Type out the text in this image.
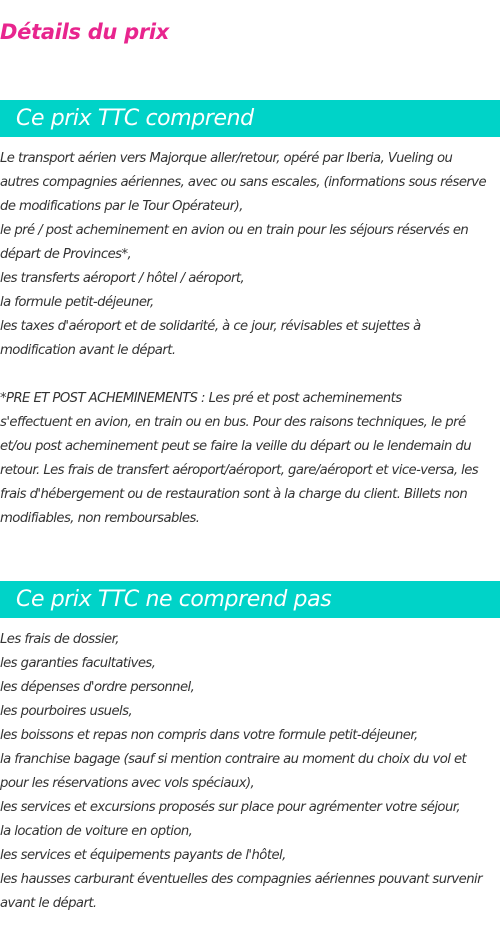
Détails du prix
Ce prix TTC comprend

Le transport aérien vers Majorque aller/retour, opéré par Iberia, Vueling ou
autres compagnies aériennes, avec ou sans escales, (informations sous réserve
de modifications par le Tour Opérateur),
le pré / post acheminement en avion ou en train pour les séjours réservés en
départ de Provinces*,
les transferts aéroport / hôtel / aéroport,
la formule petit-déjeuner,
les taxes d'aéroport et de solidarité, à ce jour, révisables et sujettes à
modification avant le départ.

*PRE ET POST ACHEMINEMENTS : Les pré et post acheminements
s'effectuent en avion, en train ou en bus. Pour des raisons techniques, le pré
et/ou post acheminement peut se faire la veille du départ ou le lendemain du
retour. Les frais de transfert aéroport/aéroport, gare/aéroport et vice-versa, les
frais d'hébergement ou de restauration sont à la charge du client. Billets non
modifiables, non remboursables.

Ce prix TTC ne comprend pas

Les frais de dossier,
les garanties facultatives,
les dépenses d'ordre personnel,
les pourboires usuels,
les boissons et repas non compris dans votre formule petit-déjeuner,
la franchise bagage (sauf si mention contraire au moment du choix du vol et
pour les réservations avec vols spéciaux),
les services et excursions proposés sur place pour agrémenter votre séjour,
la location de voiture en option,
les services et équipements payants de l'hôtel,
les hausses carburant éventuelles des compagnies aériennes pouvant survenir
avant le départ.
